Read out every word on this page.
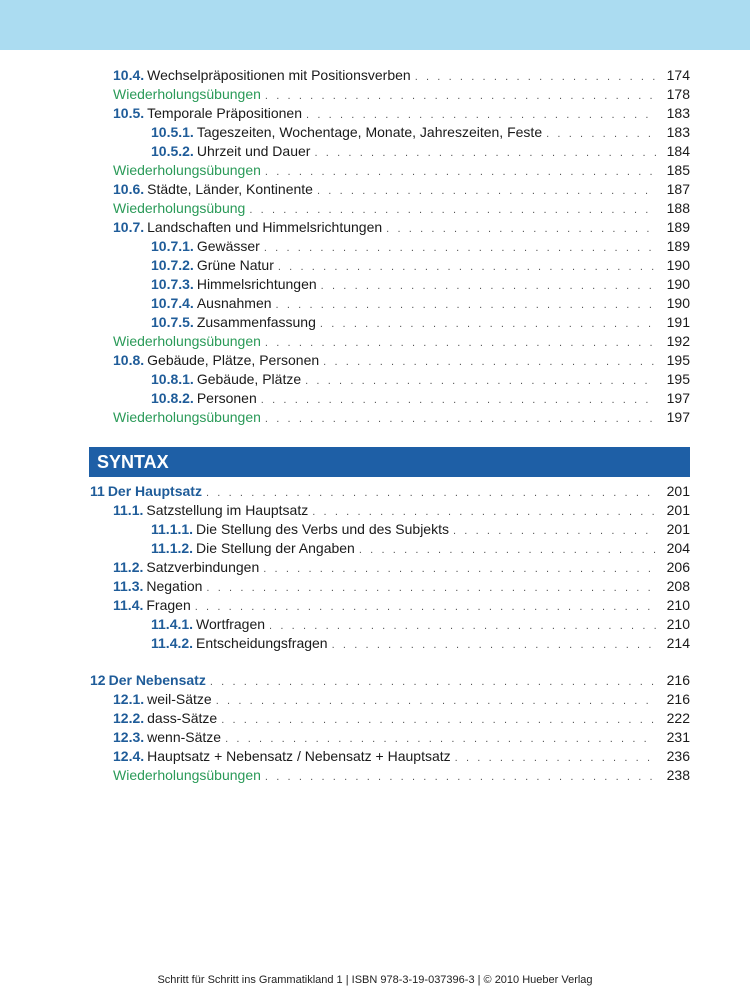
10.4. Wechselpräpositionen mit Positionsverben . . .	174
Wiederholungsübungen . . .	178
10.5. Temporale Präpositionen . . .	183
10.5.1. Tageszeiten, Wochentage, Monate, Jahreszeiten, Feste . . .	183
10.5.2. Uhrzeit und Dauer . . .	184
Wiederholungsübungen . . .	185
10.6. Städte, Länder, Kontinente . . .	187
Wiederholungsübung . . .	188
10.7. Landschaften und Himmelsrichtungen . . .	189
10.7.1. Gewässer . . .	189
10.7.2. Grüne Natur . . .	190
10.7.3. Himmelsrichtungen . . .	190
10.7.4. Ausnahmen . . .	190
10.7.5. Zusammenfassung . . .	191
Wiederholungsübungen . . .	192
10.8. Gebäude, Plätze, Personen . . .	195
10.8.1. Gebäude, Plätze . . .	195
10.8.2. Personen . . .	197
Wiederholungsübungen . . .	197
11 Der Hauptsatz . . .	201
11.1. Satzstellung im Hauptsatz . . .	201
11.1.1. Die Stellung des Verbs und des Subjekts . . .	201
11.1.2. Die Stellung der Angaben . . .	204
11.2. Satzverbindungen . . .	206
11.3. Negation . . .	208
11.4. Fragen . . .	210
11.4.1. Wortfragen . . .	210
11.4.2. Entscheidungsfragen . . .	214
12 Der Nebensatz . . .	216
12.1. weil-Sätze . . .	216
12.2. dass-Sätze . . .	222
12.3. wenn-Sätze . . .	231
12.4. Hauptsatz + Nebensatz / Nebensatz + Hauptsatz . . .	236
Wiederholungsübungen . . .	238
SYNTAX
Schritt für Schritt ins Grammatikland 1 | ISBN 978-3-19-037396-3 | © 2010 Hueber Verlag
